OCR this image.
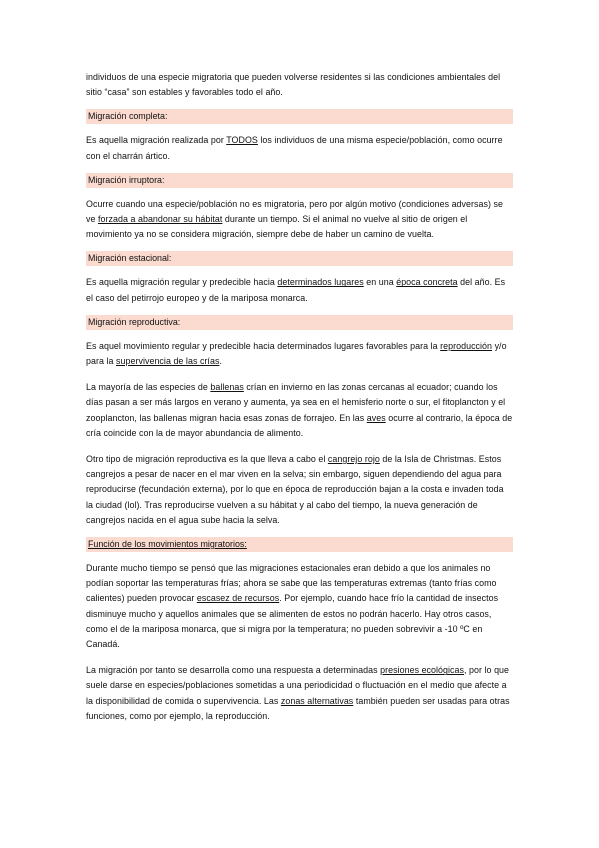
individuos de una especie migratoria que pueden volverse residentes si las condiciones ambientales del sitio “casa” son estables y favorables todo el año.

Migración completa:

Es aquella migración realizada por TODOS los individuos de una misma especie/población, como ocurre con el charrán ártico.

Migración irruptora:

Ocurre cuando una especie/población no es migratoria, pero por algún motivo (condiciones adversas) se ve forzada a abandonar su hábitat durante un tiempo. Si el animal no vuelve al sitio de origen el movimiento ya no se considera migración, siempre debe de haber un camino de vuelta.

Migración estacional:

Es aquella migración regular y predecible hacia determinados lugares en una época concreta del año. Es el caso del petirrojo europeo y de la mariposa monarca.

Migración reproductiva:

Es aquel movimiento regular y predecible hacia determinados lugares favorables para la reproducción y/o para la supervivencia de las crías.

La mayoría de las especies de ballenas crían en invierno en las zonas cercanas al ecuador; cuando los días pasan a ser más largos en verano y aumenta, ya sea en el hemisferio norte o sur, el fitoplancton y el zooplancton, las ballenas migran hacia esas zonas de forrajeo. En las aves ocurre al contrario, la época de cría coincide con la de mayor abundancia de alimento.

Otro tipo de migración reproductiva es la que lleva a cabo el cangrejo rojo de la Isla de Christmas. Estos cangrejos a pesar de nacer en el mar viven en la selva; sin embargo, siguen dependiendo del agua para reproducirse (fecundación externa), por lo que en época de reproducción bajan a la costa e invaden toda la ciudad (lol). Tras reproducirse vuelven a su hábitat y al cabo del tiempo, la nueva generación de cangrejos nacida en el agua sube hacia la selva.

Función de los movimientos migratorios:

Durante mucho tiempo se pensó que las migraciones estacionales eran debido a que los animales no podían soportar las temperaturas frías; ahora se sabe que las temperaturas extremas (tanto frías como calientes) pueden provocar escasez de recursos. Por ejemplo, cuando hace frío la cantidad de insectos disminuye mucho y aquellos animales que se alimenten de estos no podrán hacerlo. Hay otros casos, como el de la mariposa monarca, que si migra por la temperatura; no pueden sobrevivir a -10 ºC en Canadá.

La migración por tanto se desarrolla como una respuesta a determinadas presiones ecológicas, por lo que suele darse en especies/poblaciones sometidas a una periodicidad o fluctuación en el medio que afecte a la disponibilidad de comida o supervivencia. Las zonas alternativas también pueden ser usadas para otras funciones, como por ejemplo, la reproducción.
